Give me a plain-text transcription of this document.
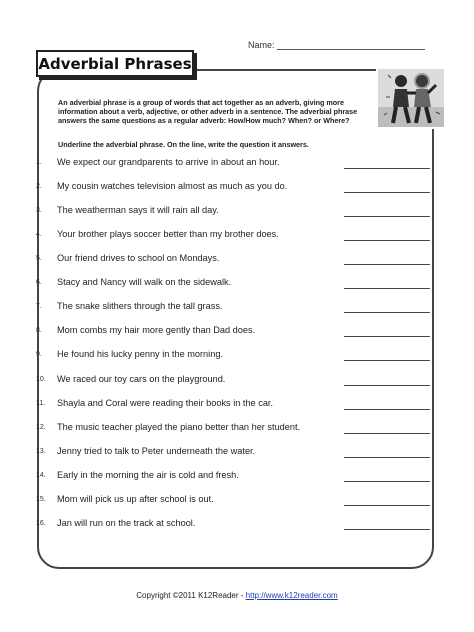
Name:
Adverbial Phrases
An adverbial phrase is a group of words that act together as an adverb, giving more information about a verb, adjective, or other adverb in a sentence. The adverbial phrase answers the same questions as a regular adverb: How/How much? When? or Where?
Underline the adverbial phrase. On the line, write the question it answers.
1. We expect our grandparents to arrive in about an hour.
2. My cousin watches television almost as much as you do.
3. The weatherman says it will rain all day.
4. Your brother plays soccer better than my brother does.
5. Our friend drives to school on Mondays.
6. Stacy and Nancy will walk on the sidewalk.
7. The snake slithers through the tall grass.
8. Mom combs my hair more gently than Dad does.
9. He found his lucky penny in the morning.
10. We raced our toy cars on the playground.
11. Shayla and Coral were reading their books in the car.
12. The music teacher played the piano better than her student.
13. Jenny tried to talk to Peter underneath the water.
14. Early in the morning the air is cold and fresh.
15. Mom will pick us up after school is out.
16. Jan will run on the track at school.
Copyright ©2011 K12Reader - http://www.k12reader.com
